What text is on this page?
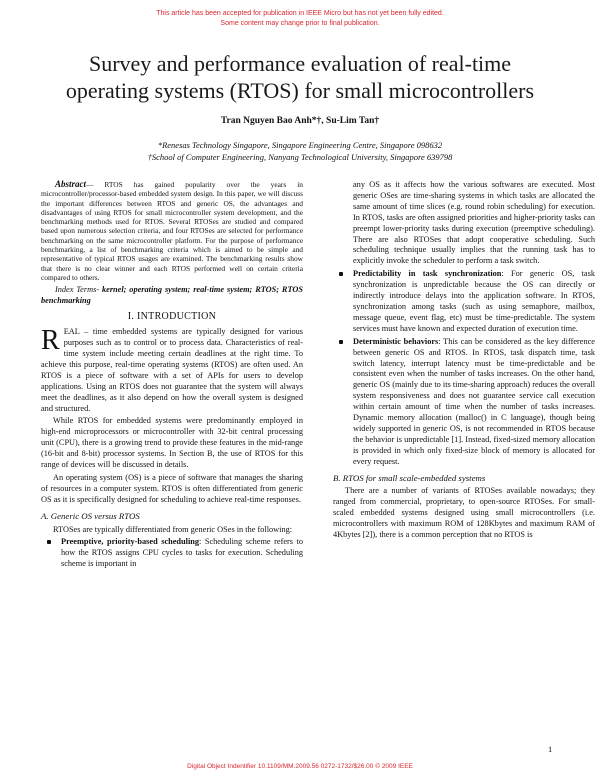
This article has been accepted for publication in IEEE Micro but has not yet been fully edited.
Some content may change prior to final publication.
Survey and performance evaluation of real-time
operating systems (RTOS) for small microcontrollers
Tran Nguyen Bao Anh*†, Su-Lim Tan†
*Renesas Technology Singapore, Singapore Engineering Centre, Singapore 098632
†School of Computer Engineering, Nanyang Technological University, Singapore 639798

Abstract— RTOS has gained popularity over the years in microcontroller/processor-based embedded system design. In this paper, we will discuss the important differences between RTOS and generic OS, the advantages and disadvantages of using RTOS for small microcontroller system development, and the benchmarking methods used for RTOS. Several RTOSes are studied and compared based upon numerous selection criteria, and four RTOSes are selected for performance benchmarking on the same microcontroller platform. For the purpose of performance benchmarking, a list of benchmarking criteria which is aimed to be simple and representative of typical RTOS usages are examined. The benchmarking results show that there is no clear winner and each RTOS performed well on certain criteria compared to others.

Index Terms- kernel; operating system; real-time system; RTOS; RTOS benchmarking

I. INTRODUCTION

REAL – time embedded systems are typically designed for various purposes such as to control or to process data. Characteristics of real-time system include meeting certain deadlines at the right time. To achieve this purpose, real-time operating systems (RTOS) are often used. An RTOS is a piece of software with a set of APIs for users to develop applications. Using an RTOS does not guarantee that the system will always meet the deadlines, as it also depend on how the overall system is designed and structured.

While RTOS for embedded systems were predominantly employed in high-end microprocessors or microcontroller with 32-bit central processing unit (CPU), there is a growing trend to provide these features in the mid-range (16-bit and 8-bit) processor systems. In Section B, the use of RTOS for this range of devices will be discussed in details.

An operating system (OS) is a piece of software that manages the sharing of resources in a computer system. RTOS is often differentiated from generic OS as it is specifically designed for scheduling to achieve real-time responses.

A. Generic OS versus RTOS

RTOSes are typically differentiated from generic OSes in the following:

Preemptive, priority-based scheduling: Scheduling scheme refers to how the RTOS assigns CPU cycles to tasks for execution. Scheduling scheme is important in

any OS as it affects how the various softwares are executed. Most generic OSes are time-sharing systems in which tasks are allocated the same amount of time slices (e.g. round robin scheduling) for execution. In RTOS, tasks are often assigned priorities and higher-priority tasks can preempt lower-priority tasks during execution (preemptive scheduling). There are also RTOSes that adopt cooperative scheduling. Such scheduling technique usually implies that the running task has to explicitly invoke the scheduler to perform a task switch.

Predictability in task synchronization: For generic OS, task synchronization is unpredictable because the OS can directly or indirectly introduce delays into the application software. In RTOS, synchronization among tasks (such as using semaphore, mailbox, message queue, event flag, etc) must be time-predictable. The system services must have known and expected duration of execution time.
Deterministic behaviors: This can be considered as the key difference between generic OS and RTOS. In RTOS, task dispatch time, task switch latency, interrupt latency must be time-predictable and be consistent even when the number of tasks increases. On the other hand, generic OS (mainly due to its time-sharing approach) reduces the overall system responsiveness and does not guarantee service call execution within certain amount of time when the number of tasks increases. Dynamic memory allocation (malloc() in C language), though being widely supported in generic OS, is not recommended in RTOS because the behavior is unpredictable [1]. Instead, fixed-sized memory allocation is provided in which only fixed-size block of memory is allocated for every request.
B. RTOS for small scale-embedded systems

There are a number of variants of RTOSes available nowadays; they ranged from commercial, proprietary, to open-source RTOSes. For small-scaled embedded systems designed using small microcontrollers (i.e. microcontrollers with maximum ROM of 128Kbytes and maximum RAM of 4Kbytes [2]), there is a common perception that no RTOS is

1
Digital Object Indentifier 10.1109/MM.2009.56 0272-1732/$26.00 © 2009 IEEE
